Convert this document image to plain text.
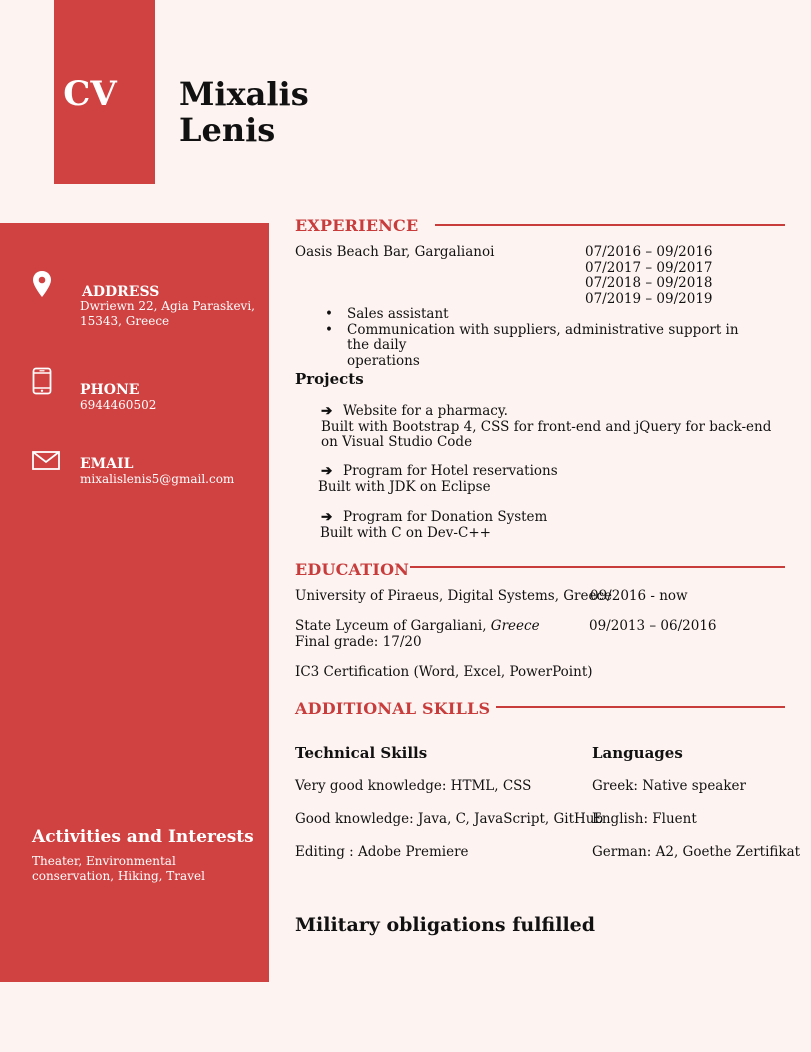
CV Mixalis
Lenis
ADDRESS
Dwriewn 22, Agia Paraskevi,
15343, Greece
PHONE
6944460502
EMAIL
mixalislenis5@gmail.com
Activities and Interests
Theater, Environmental
conservation, Hiking, Travel
EXPERIENCE
Oasis Beach Bar, Gargalianoi	07/2016 – 09/2016
07/2017 – 09/2017
07/2018 – 09/2018
07/2019 – 09/2019
• Sales assistant
• Communication with suppliers, administrative support in the daily
operations
Projects
➔ Website for a pharmacy.
Built with Bootstrap 4, CSS for front-end and jQuery for back-end
on Visual Studio Code
➔ Program for Hotel reservations
Built with JDK on Eclipse
➔ Program for Donation System
Built with C on Dev-C++
EDUCATION
University of Piraeus, Digital Systems, Greece
09/2016 - now
State Lyceum of Gargaliani, Greece
Final grade: 17/20
09/2013 – 06/2016
IC3 Certification (Word, Excel, PowerPoint)
ADDITIONAL SKILLS
Technical Skills
Very good knowledge: HTML, CSS
Good knowledge: Java, C, JavaScript, GitHub
Editing : Adobe Premiere
Languages
Greek: Native speaker
English: Fluent
German: A2, Goethe Zertifikat
Military obligations fulfilled
